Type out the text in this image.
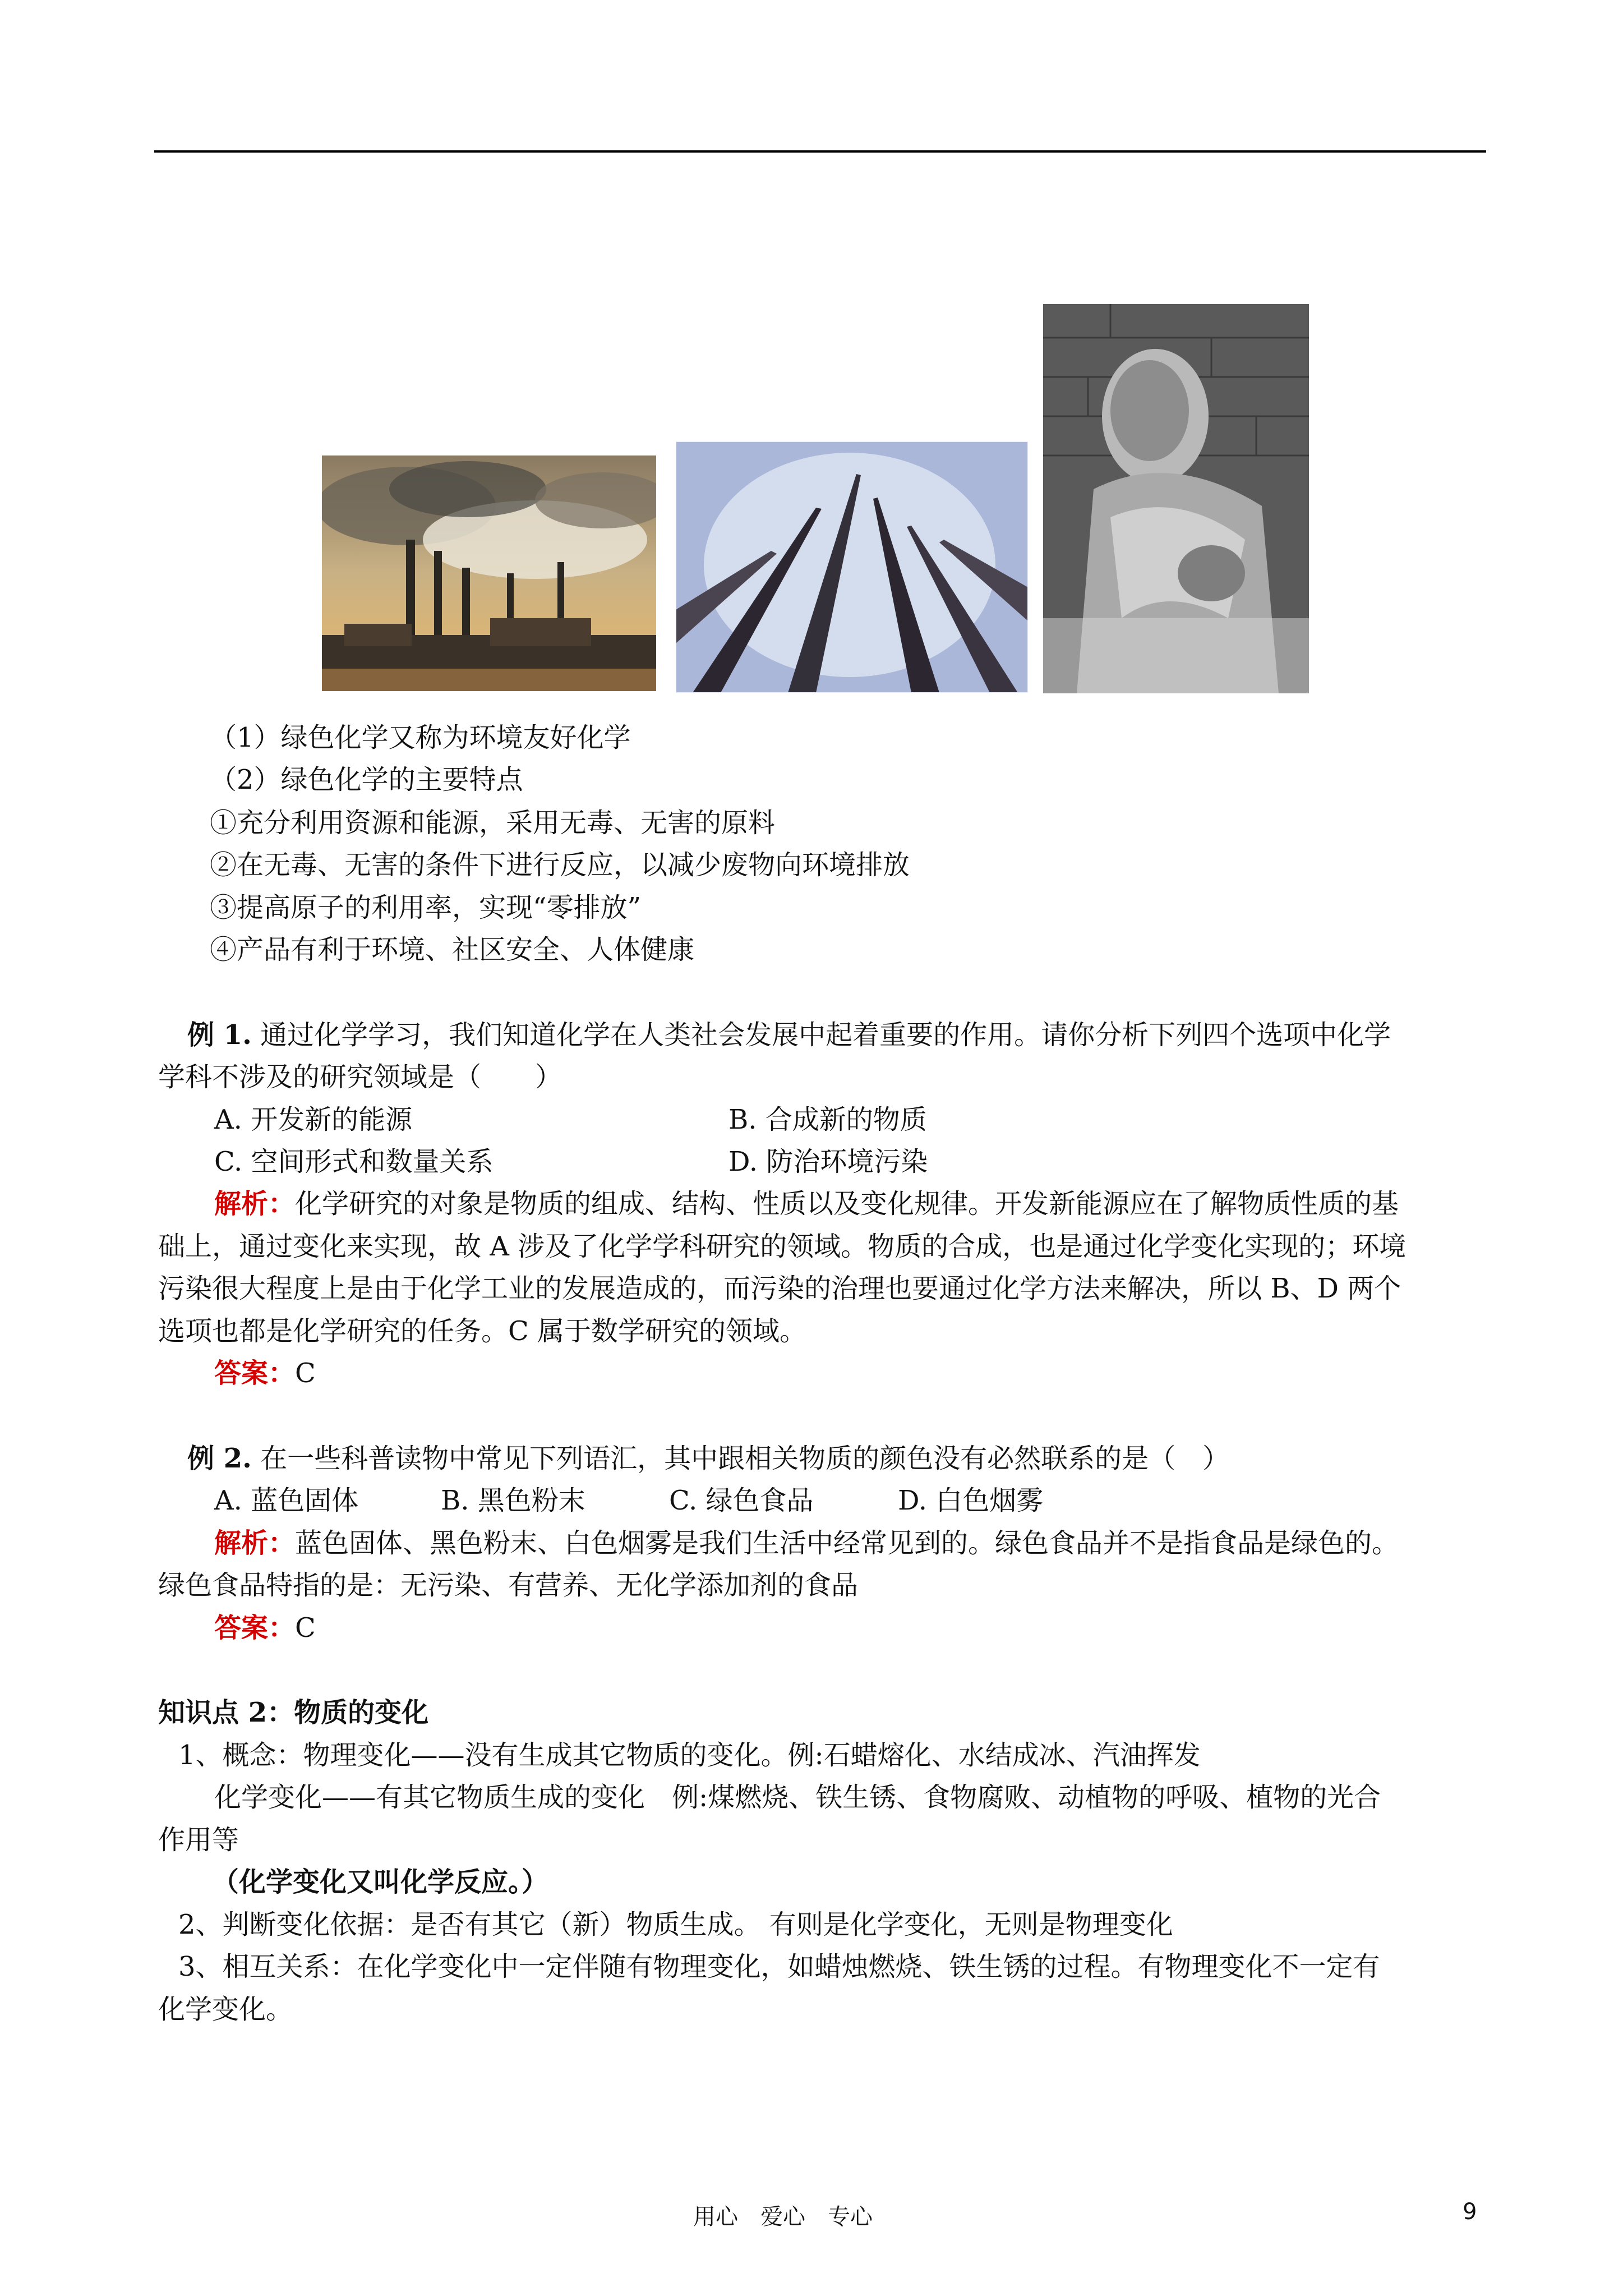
（1）绿色化学又称为环境友好化学
（2）绿色化学的主要特点
①充分利用资源和能源，采用无毒、无害的原料
②在无毒、无害的条件下进行反应，以减少废物向环境排放
③提高原子的利用率，实现“零排放”
④产品有利于环境、社区安全、人体健康
例 1. 通过化学学习，我们知道化学在人类社会发展中起着重要的作用。请你分析下列四个选项中化学
学科不涉及的研究领域是（　　）
A. 开发新的能源	B. 合成新的物质
C. 空间形式和数量关系	D. 防治环境污染
解析：化学研究的对象是物质的组成、结构、性质以及变化规律。开发新能源应在了解物质性质的基
础上，通过变化来实现，故 A 涉及了化学学科研究的领域。物质的合成，也是通过化学变化实现的；环境
污染很大程度上是由于化学工业的发展造成的，而污染的治理也要通过化学方法来解决，所以 B、D 两个
选项也都是化学研究的任务。C 属于数学研究的领域。
答案：C
例 2. 在一些科普读物中常见下列语汇，其中跟相关物质的颜色没有必然联系的是（　）
A. 蓝色固体	B. 黑色粉末	C. 绿色食品	D. 白色烟雾
解析：蓝色固体、黑色粉末、白色烟雾是我们生活中经常见到的。绿色食品并不是指食品是绿色的。
绿色食品特指的是：无污染、有营养、无化学添加剂的食品
答案：C
知识点 2：物质的变化
1、概念：物理变化——没有生成其它物质的变化。例:石蜡熔化、水结成冰、汽油挥发
化学变化——有其它物质生成的变化　例:煤燃烧、铁生锈、食物腐败、动植物的呼吸、植物的光合
作用等
（化学变化又叫化学反应。）
2、判断变化依据：是否有其它（新）物质生成。 有则是化学变化，无则是物理变化
3、相互关系：在化学变化中一定伴随有物理变化，如蜡烛燃烧、铁生锈的过程。有物理变化不一定有
化学变化。
用心　爱心　专心	9
